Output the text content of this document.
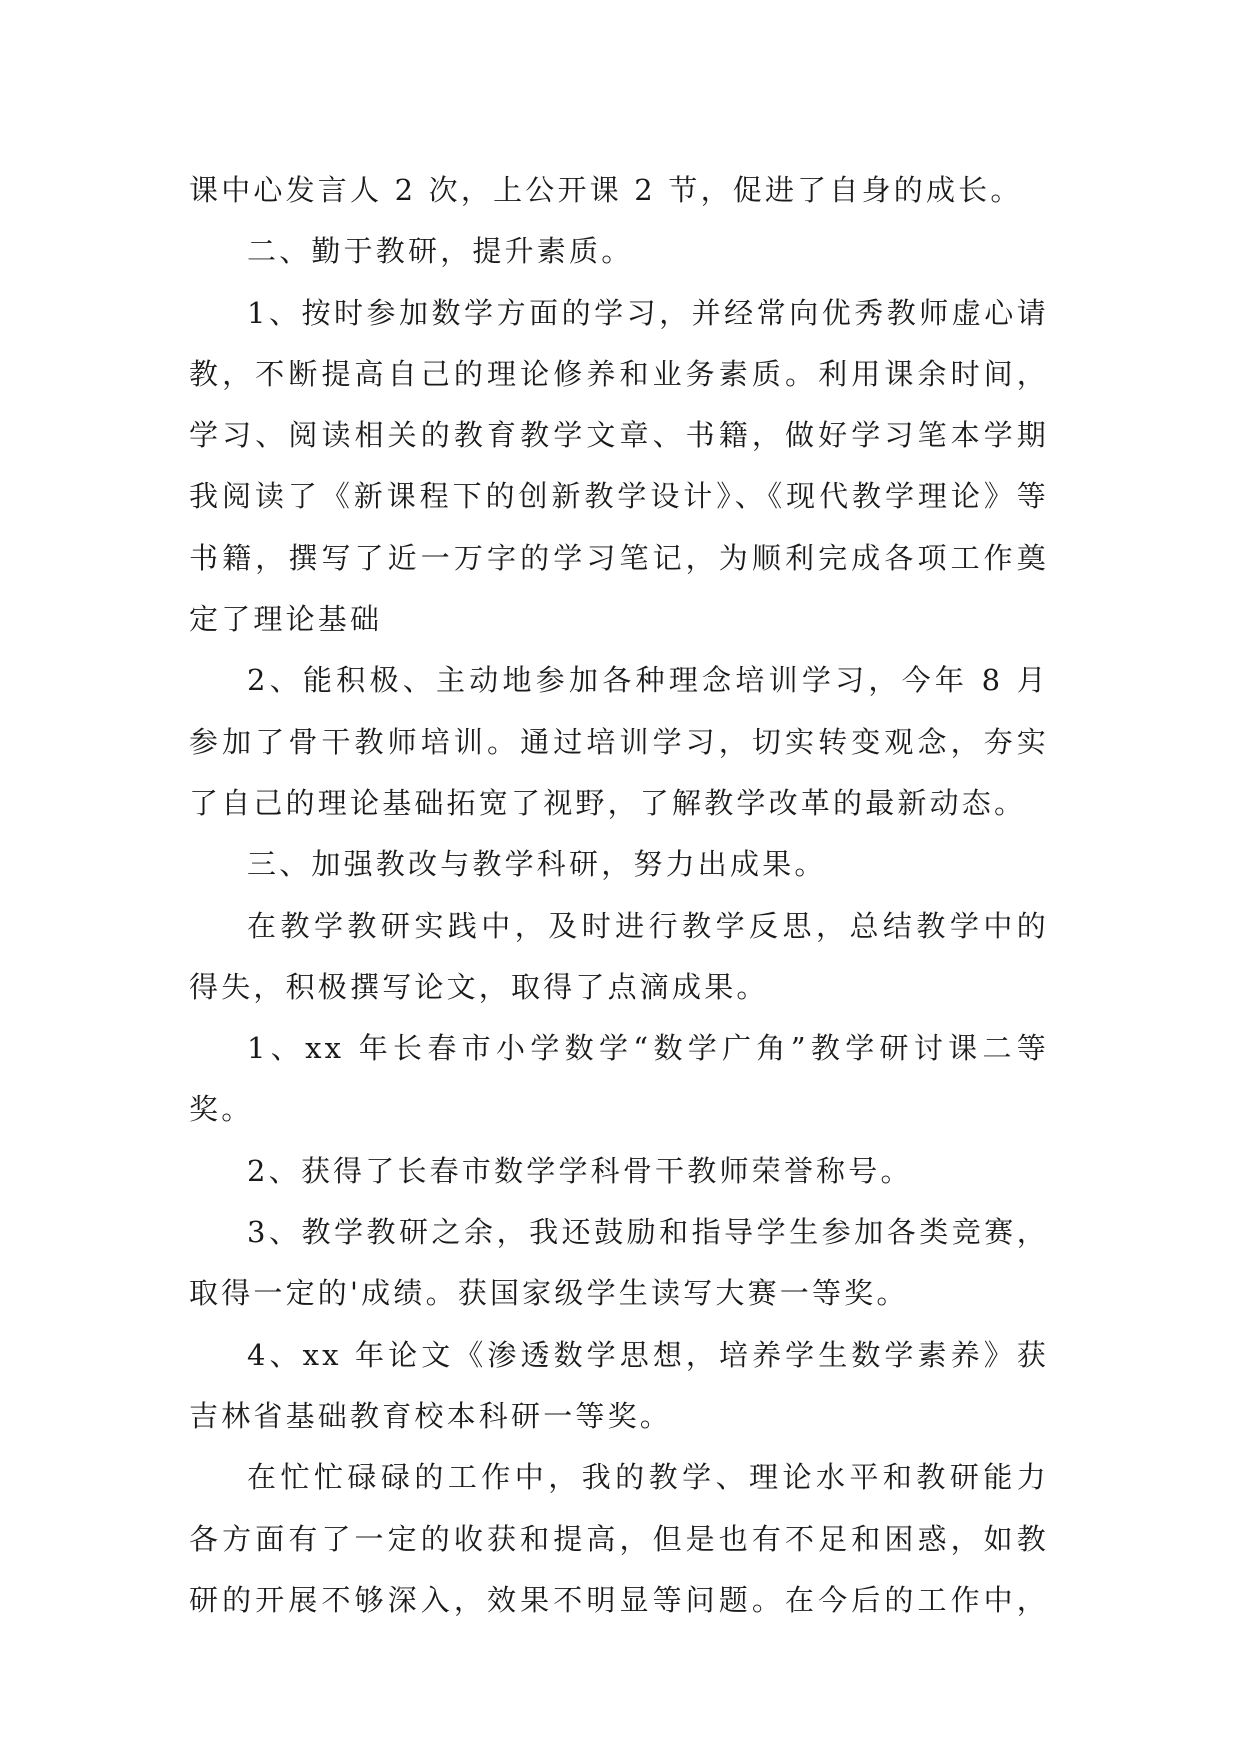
课中心发言人 2 次，上公开课 2 节，促进了自身的成长。

二、勤于教研，提升素质。

1、按时参加数学方面的学习，并经常向优秀教师虚心请教，不断提高自己的理论修养和业务素质。利用课余时间，学习、阅读相关的教育教学文章、书籍，做好学习笔本学期我阅读了《新课程下的创新教学设计》、《现代教学理论》等书籍，撰写了近一万字的学习笔记，为顺利完成各项工作奠定了理论基础

2、能积极、主动地参加各种理念培训学习，今年 8 月参加了骨干教师培训。通过培训学习，切实转变观念，夯实了自己的理论基础拓宽了视野，了解教学改革的最新动态。

三、加强教改与教学科研，努力出成果。

在教学教研实践中，及时进行教学反思，总结教学中的得失，积极撰写论文，取得了点滴成果。

1、xx 年长春市小学数学“数学广角”教学研讨课二等奖。

2、获得了长春市数学学科骨干教师荣誉称号。

3、教学教研之余，我还鼓励和指导学生参加各类竞赛，取得一定的'成绩。获国家级学生读写大赛一等奖。

4、xx 年论文《渗透数学思想，培养学生数学素养》获吉林省基础教育校本科研一等奖。

在忙忙碌碌的工作中，我的教学、理论水平和教研能力各方面有了一定的收获和提高，但是也有不足和困惑，如教研的开展不够深入，效果不明显等问题。在今后的工作中，
